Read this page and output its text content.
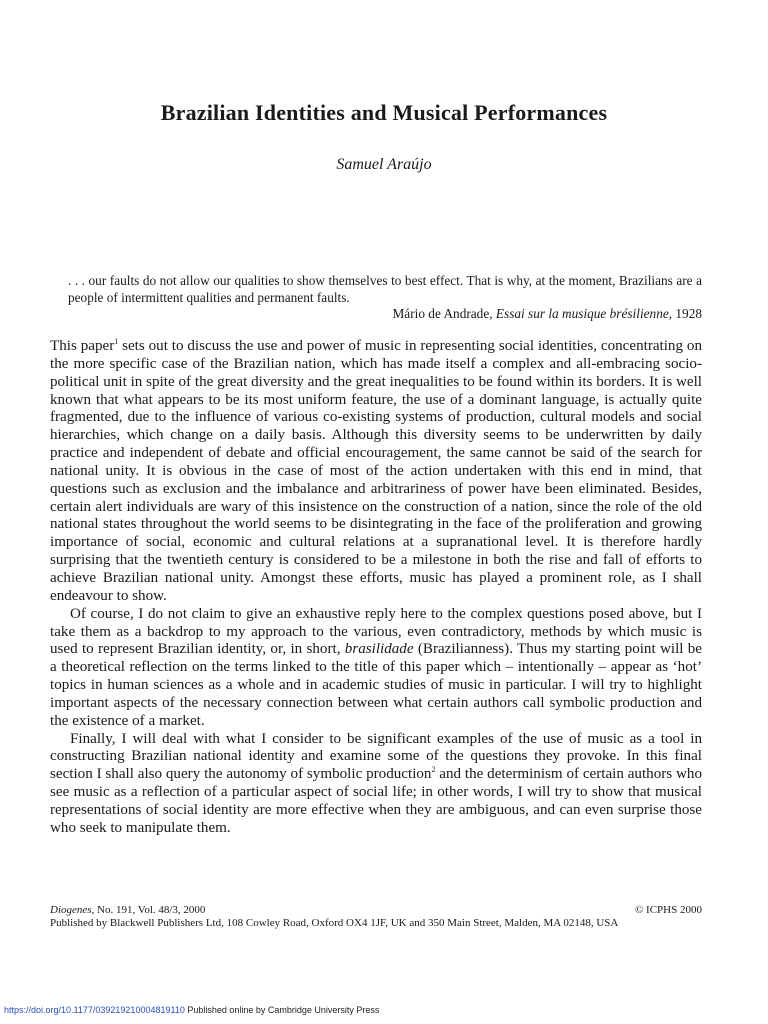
Brazilian Identities and Musical Performances
Samuel Araújo
. . . our faults do not allow our qualities to show themselves to best effect. That is why, at the moment, Brazilians are a people of intermittent qualities and permanent faults.
Mário de Andrade, Essai sur la musique brésilienne, 1928

This paper$^1$ sets out to discuss the use and power of music in representing social identities, concentrating on the more specific case of the Brazilian nation, which has made itself a complex and all-embracing socio-political unit in spite of the great diversity and the great inequalities to be found within its borders. It is well known that what appears to be its most uniform feature, the use of a dominant language, is actually quite fragmented, due to the influence of various co-existing systems of production, cultural models and social hierarchies, which change on a daily basis. Although this diversity seems to be underwritten by daily practice and independent of debate and official encouragement, the same cannot be said of the search for national unity. It is obvious in the case of most of the action undertaken with this end in mind, that questions such as exclusion and the imbalance and arbitrariness of power have been eliminated. Besides, certain alert individuals are wary of this insistence on the construction of a nation, since the role of the old national states throughout the world seems to be disintegrating in the face of the proliferation and growing importance of social, economic and cultural relations at a supranational level. It is therefore hardly surprising that the twentieth century is considered to be a milestone in both the rise and fall of efforts to achieve Brazilian national unity. Amongst these efforts, music has played a prominent role, as I shall endeavour to show.

Of course, I do not claim to give an exhaustive reply here to the complex questions posed above, but I take them as a backdrop to my approach to the various, even contradictory, methods by which music is used to represent Brazilian identity, or, in short, brasilidade (Brazilianness). Thus my starting point will be a theoretical reflection on the terms linked to the title of this paper which – intentionally – appear as ‘hot’ topics in human sciences as a whole and in academic studies of music in particular. I will try to highlight important aspects of the necessary connection between what certain authors call symbolic production and the existence of a market.

Finally, I will deal with what I consider to be significant examples of the use of music as a tool in constructing Brazilian national identity and examine some of the questions they provoke. In this final section I shall also query the autonomy of symbolic production$^2$ and the determinism of certain authors who see music as a reflection of a particular aspect of social life; in other words, I will try to show that musical representations of social identity are more effective when they are ambiguous, and can even surprise those who seek to manipulate them.

Diogenes, No. 191, Vol. 48/3, 2000	© ICPHS 2000
Published by Blackwell Publishers Ltd, 108 Cowley Road, Oxford OX4 1JF, UK and 350 Main Street, Malden, MA 02148, USA
https://doi.org/10.1177/039219210004819110 Published online by Cambridge University Press
